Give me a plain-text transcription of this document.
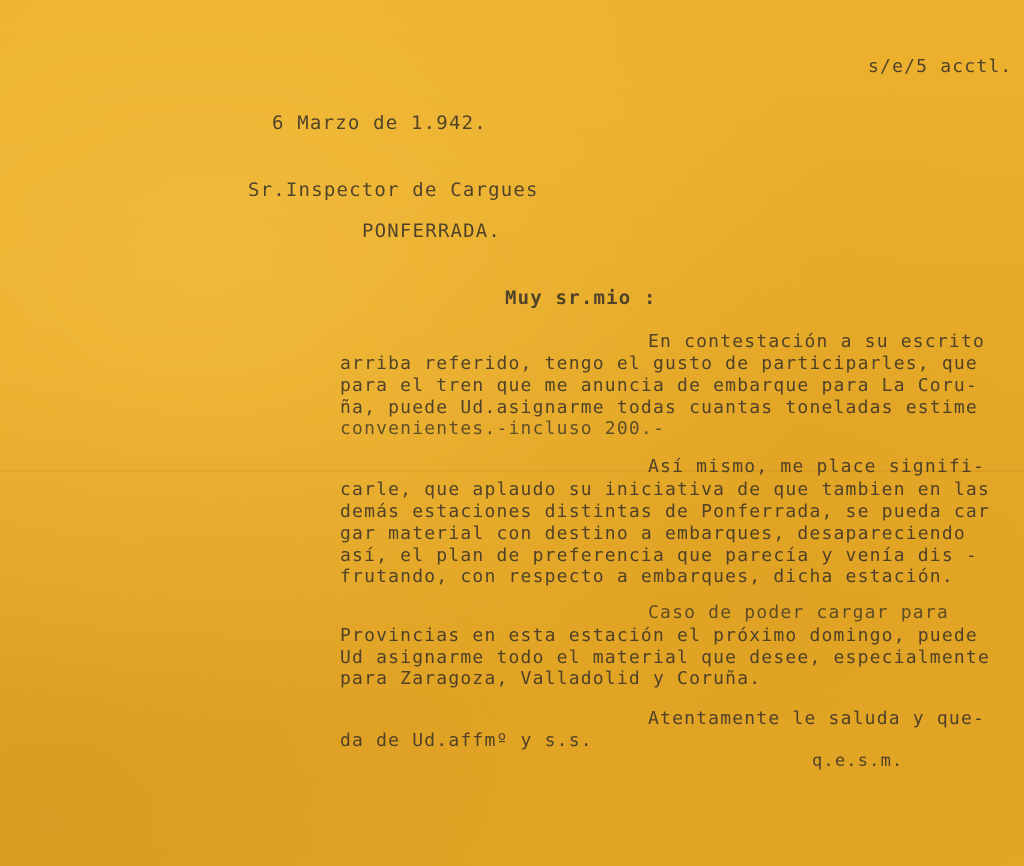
s/e/5 acctl.
6 Marzo de 1.942.
Sr.Inspector de Cargues
PONFERRADA.
Muy sr.mio :
En contestación a su escrito
arriba referido, tengo el gusto de participarles, que
para el tren que me anuncia de embarque para La Coru-
ña, puede Ud.asignarme todas cuantas toneladas estime
convenientes.-incluso 200.-
Así mismo, me place signifi-
carle, que aplaudo su iniciativa de que tambien en las
demás estaciones distintas de Ponferrada, se pueda car
gar material con destino a embarques, desapareciendo
así, el plan de preferencia que parecía y venía dis -
frutando, con respecto a embarques, dicha estación.
Caso de poder cargar para
Provincias en esta estación el próximo domingo, puede
Ud asignarme todo el material que desee, especialmente
para Zaragoza, Valladolid y Coruña.
Atentamente le saluda y que-
da de Ud.affmº y s.s.
q.e.s.m.
